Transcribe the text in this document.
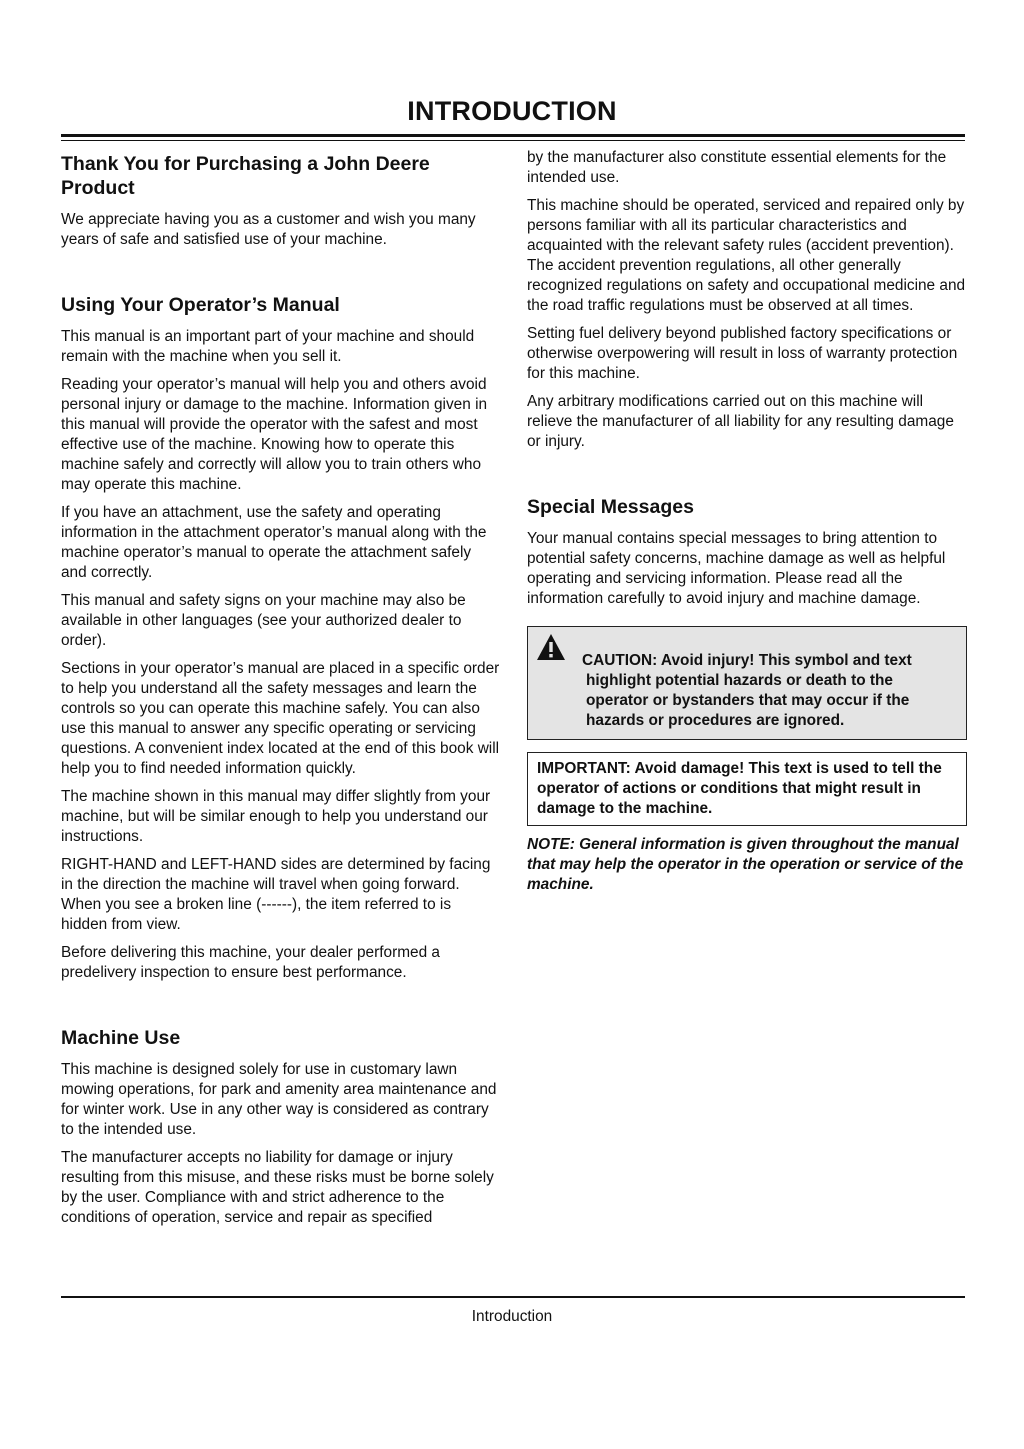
INTRODUCTION
Thank You for Purchasing a John Deere Product

We appreciate having you as a customer and wish you many years of safe and satisfied use of your machine.

Using Your Operator’s Manual

This manual is an important part of your machine and should remain with the machine when you sell it.

Reading your operator’s manual will help you and others avoid personal injury or damage to the machine. Information given in this manual will provide the operator with the safest and most effective use of the machine. Knowing how to operate this machine safely and correctly will allow you to train others who may operate this machine.

If you have an attachment, use the safety and operating information in the attachment operator’s manual along with the machine operator’s manual to operate the attachment safely and correctly.

This manual and safety signs on your machine may also be available in other languages (see your authorized dealer to order).

Sections in your operator’s manual are placed in a specific order to help you understand all the safety messages and learn the controls so you can operate this machine safely. You can also use this manual to answer any specific operating or servicing questions. A convenient index located at the end of this book will help you to find needed information quickly.

The machine shown in this manual may differ slightly from your machine, but will be similar enough to help you understand our instructions.

RIGHT-HAND and LEFT-HAND sides are determined by facing in the direction the machine will travel when going forward. When you see a broken line (------), the item referred to is hidden from view.

Before delivering this machine, your dealer performed a predelivery inspection to ensure best performance.

Machine Use

This machine is designed solely for use in customary lawn mowing operations, for park and amenity area maintenance and for winter work. Use in any other way is considered as contrary to the intended use.

The manufacturer accepts no liability for damage or injury resulting from this misuse, and these risks must be borne solely by the user. Compliance with and strict adherence to the conditions of operation, service and repair as specified

by the manufacturer also constitute essential elements for the intended use.

This machine should be operated, serviced and repaired only by persons familiar with all its particular characteristics and acquainted with the relevant safety rules (accident prevention). The accident prevention regulations, all other generally recognized regulations on safety and occupational medicine and the road traffic regulations must be observed at all times.

Setting fuel delivery beyond published factory specifications or otherwise overpowering will result in loss of warranty protection for this machine.

Any arbitrary modifications carried out on this machine will relieve the manufacturer of all liability for any resulting damage or injury.

Special Messages

Your manual contains special messages to bring attention to potential safety concerns, machine damage as well as helpful operating and servicing information. Please read all the information carefully to avoid injury and machine damage.

CAUTION: Avoid injury! This symbol and text
highlight potential hazards or death to the
operator or bystanders that may occur if the
hazards or procedures are ignored.
IMPORTANT: Avoid damage! This text is used to tell the operator of actions or conditions that might result in damage to the machine.
NOTE: General information is given throughout the manual that may help the operator in the operation or service of the machine.
Introduction
